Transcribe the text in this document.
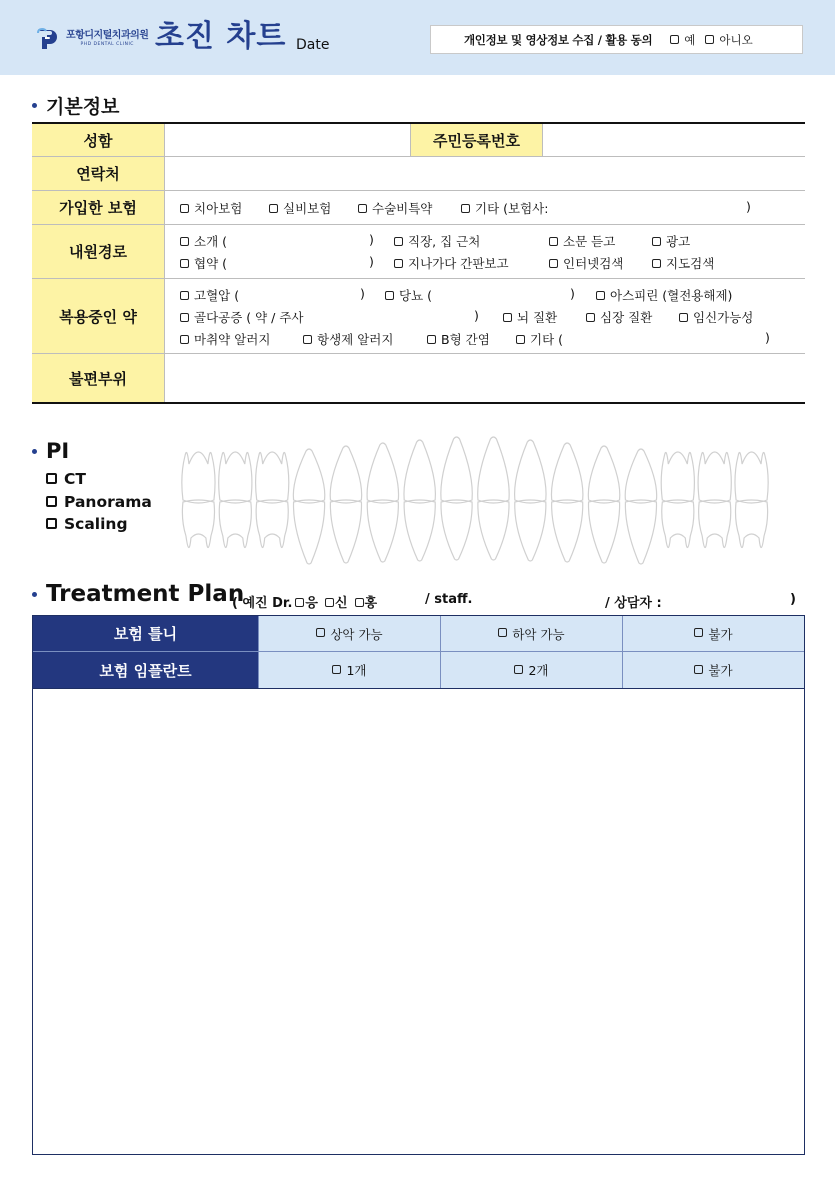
포항디지털치과의원
PHD DENTAL CLINIC 초진 차트 Date	개인정보 및 영상정보 수집 / 활용 동의	예	아니오
기본정보
성함	주민등록번호
연락처
가입한 보험	치아보험	실비보험	수술비특약	기타 (보험사:	)
내원경로
소개 (	)	직장, 집 근처	소문 듣고	광고
협약 (	)	지나가다 간판보고	인터넷검색	지도검색
복용중인 약
고혈압 (	)	당뇨 (	)	아스피린 (혈전용해제)
골다공증 ( 약 / 주사	)	뇌 질환	심장 질환	임신가능성
마취약 알러지	항생제 알러지	B형 간염	기타 (	)
불편부위
PI
CT
Panorama
Scaling
Treatment Plan
( 예진 Dr.	응	신	홍	/ staff.	/ 상담자 :	)
보험 틀니	상악 가능	하악 가능	불가
보험 임플란트	1개	2개	불가
